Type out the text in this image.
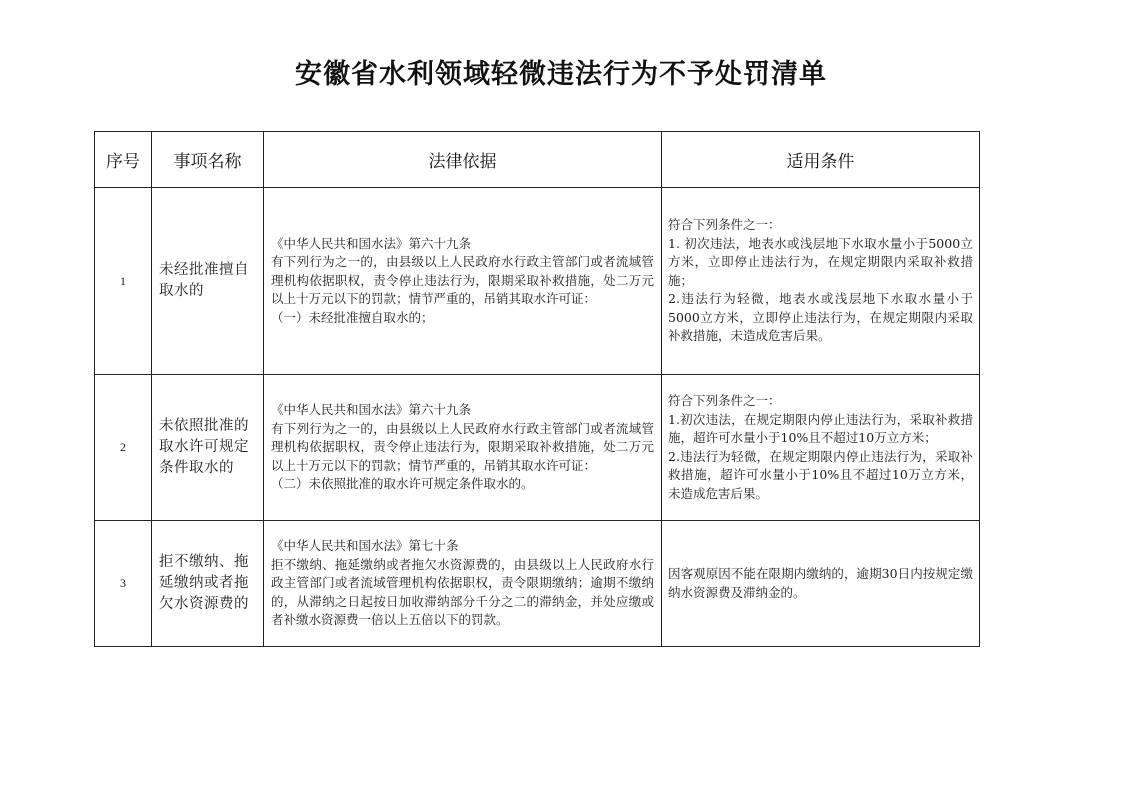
安徽省水利领域轻微违法行为不予处罚清单
序号	事项名称	法律依据	适用条件
1	未经批准擅自取水的	《中华人民共和国水法》第六十九条
有下列行为之一的，由县级以上人民政府水行政主管部门或者流域管理机构依据职权，责令停止违法行为，限期采取补救措施，处二万元以上十万元以下的罚款；情节严重的，吊销其取水许可证：
（一）未经批准擅自取水的；	符合下列条件之一：
1. 初次违法，地表水或浅层地下水取水量小于5000立方米，立即停止违法行为，在规定期限内采取补救措施；
2.违法行为轻微，地表水或浅层地下水取水量小于5000立方米，立即停止违法行为，在规定期限内采取补救措施，未造成危害后果。

2	未依照批准的取水许可规定条件取水的	《中华人民共和国水法》第六十九条
有下列行为之一的，由县级以上人民政府水行政主管部门或者流域管理机构依据职权，责令停止违法行为，限期采取补救措施，处二万元以上十万元以下的罚款；情节严重的，吊销其取水许可证：
（二）未依照批准的取水许可规定条件取水的。	符合下列条件之一：
1.初次违法，在规定期限内停止违法行为，采取补救措施，超许可水量小于10%且不超过10万立方米；
2.违法行为轻微，在规定期限内停止违法行为，采取补救措施，超许可水量小于10%且不超过10万立方米，未造成危害后果。

3	拒不缴纳、拖延缴纳或者拖欠水资源费的	《中华人民共和国水法》第七十条
拒不缴纳、拖延缴纳或者拖欠水资源费的，由县级以上人民政府水行政主管部门或者流域管理机构依据职权，责令限期缴纳；逾期不缴纳的，从滞纳之日起按日加收滞纳部分千分之二的滞纳金，并处应缴或者补缴水资源费一倍以上五倍以下的罚款。	因客观原因不能在限期内缴纳的，逾期30日内按规定缴纳水资源费及滞纳金的。
